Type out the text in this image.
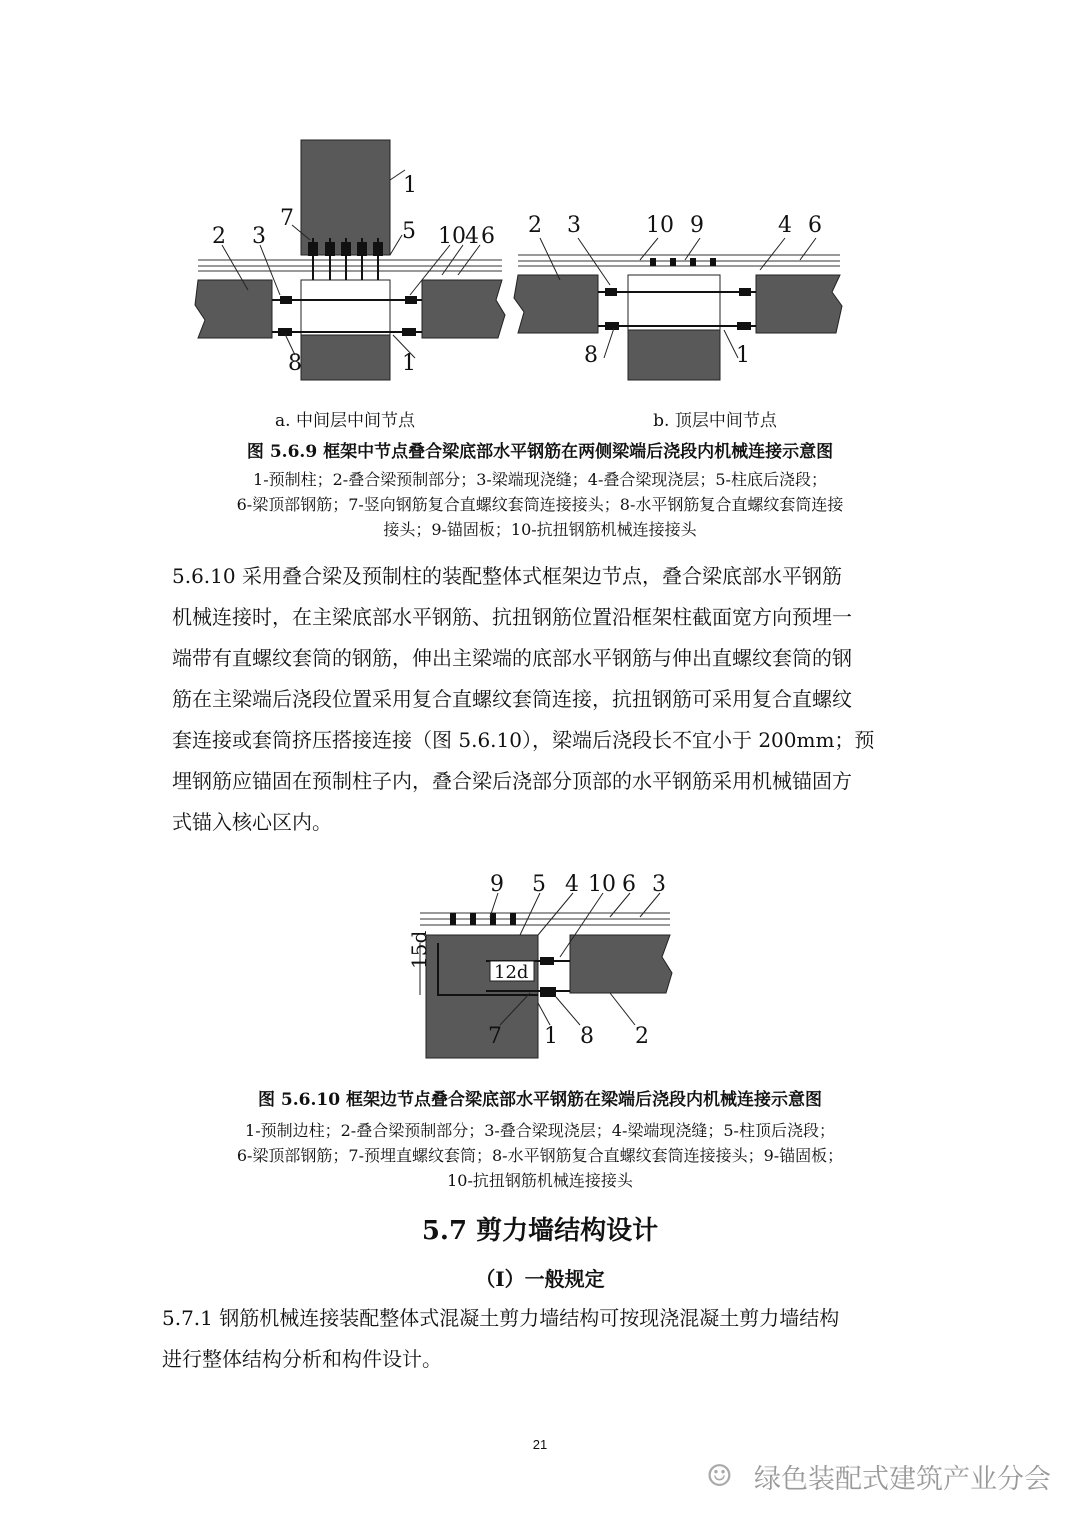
1
7
5
2 3	10 4 6
8	1
2 3	10 9	4 6
8	1
a. 中间层中间节点	b. 顶层中间节点
图 5.6.9 框架中节点叠合梁底部水平钢筋在两侧梁端后浇段内机械连接示意图
1-预制柱；2-叠合梁预制部分；3-梁端现浇缝；4-叠合梁现浇层；5-柱底后浇段；
6-梁顶部钢筋；7-竖向钢筋复合直螺纹套筒连接接头；8-水平钢筋复合直螺纹套筒连接
接头；9-锚固板；10-抗扭钢筋机械连接接头
5.6.10 采用叠合梁及预制柱的装配整体式框架边节点，叠合梁底部水平钢筋
机械连接时，在主梁底部水平钢筋、抗扭钢筋位置沿框架柱截面宽方向预埋一
端带有直螺纹套筒的钢筋，伸出主梁端的底部水平钢筋与伸出直螺纹套筒的钢
筋在主梁端后浇段位置采用复合直螺纹套筒连接，抗扭钢筋可采用复合直螺纹
套连接或套筒挤压搭接连接（图 5.6.10），梁端后浇段长不宜小于 200mm；预
埋钢筋应锚固在预制柱子内，叠合梁后浇部分顶部的水平钢筋采用机械锚固方
式锚入核心区内。
15d
12d
9 5 4 10 6 3
7 1 8 2
图 5.6.10 框架边节点叠合梁底部水平钢筋在梁端后浇段内机械连接示意图
1-预制边柱；2-叠合梁预制部分；3-叠合梁现浇层；4-梁端现浇缝；5-柱顶后浇段；
6-梁顶部钢筋；7-预埋直螺纹套筒；8-水平钢筋复合直螺纹套筒连接接头；9-锚固板；
10-抗扭钢筋机械连接接头
5.7 剪力墙结构设计
（Ⅰ）一般规定
5.7.1 钢筋机械连接装配整体式混凝土剪力墙结构可按现浇混凝土剪力墙结构
进行整体结构分析和构件设计。
21
☺ 绿色装配式建筑产业分会
